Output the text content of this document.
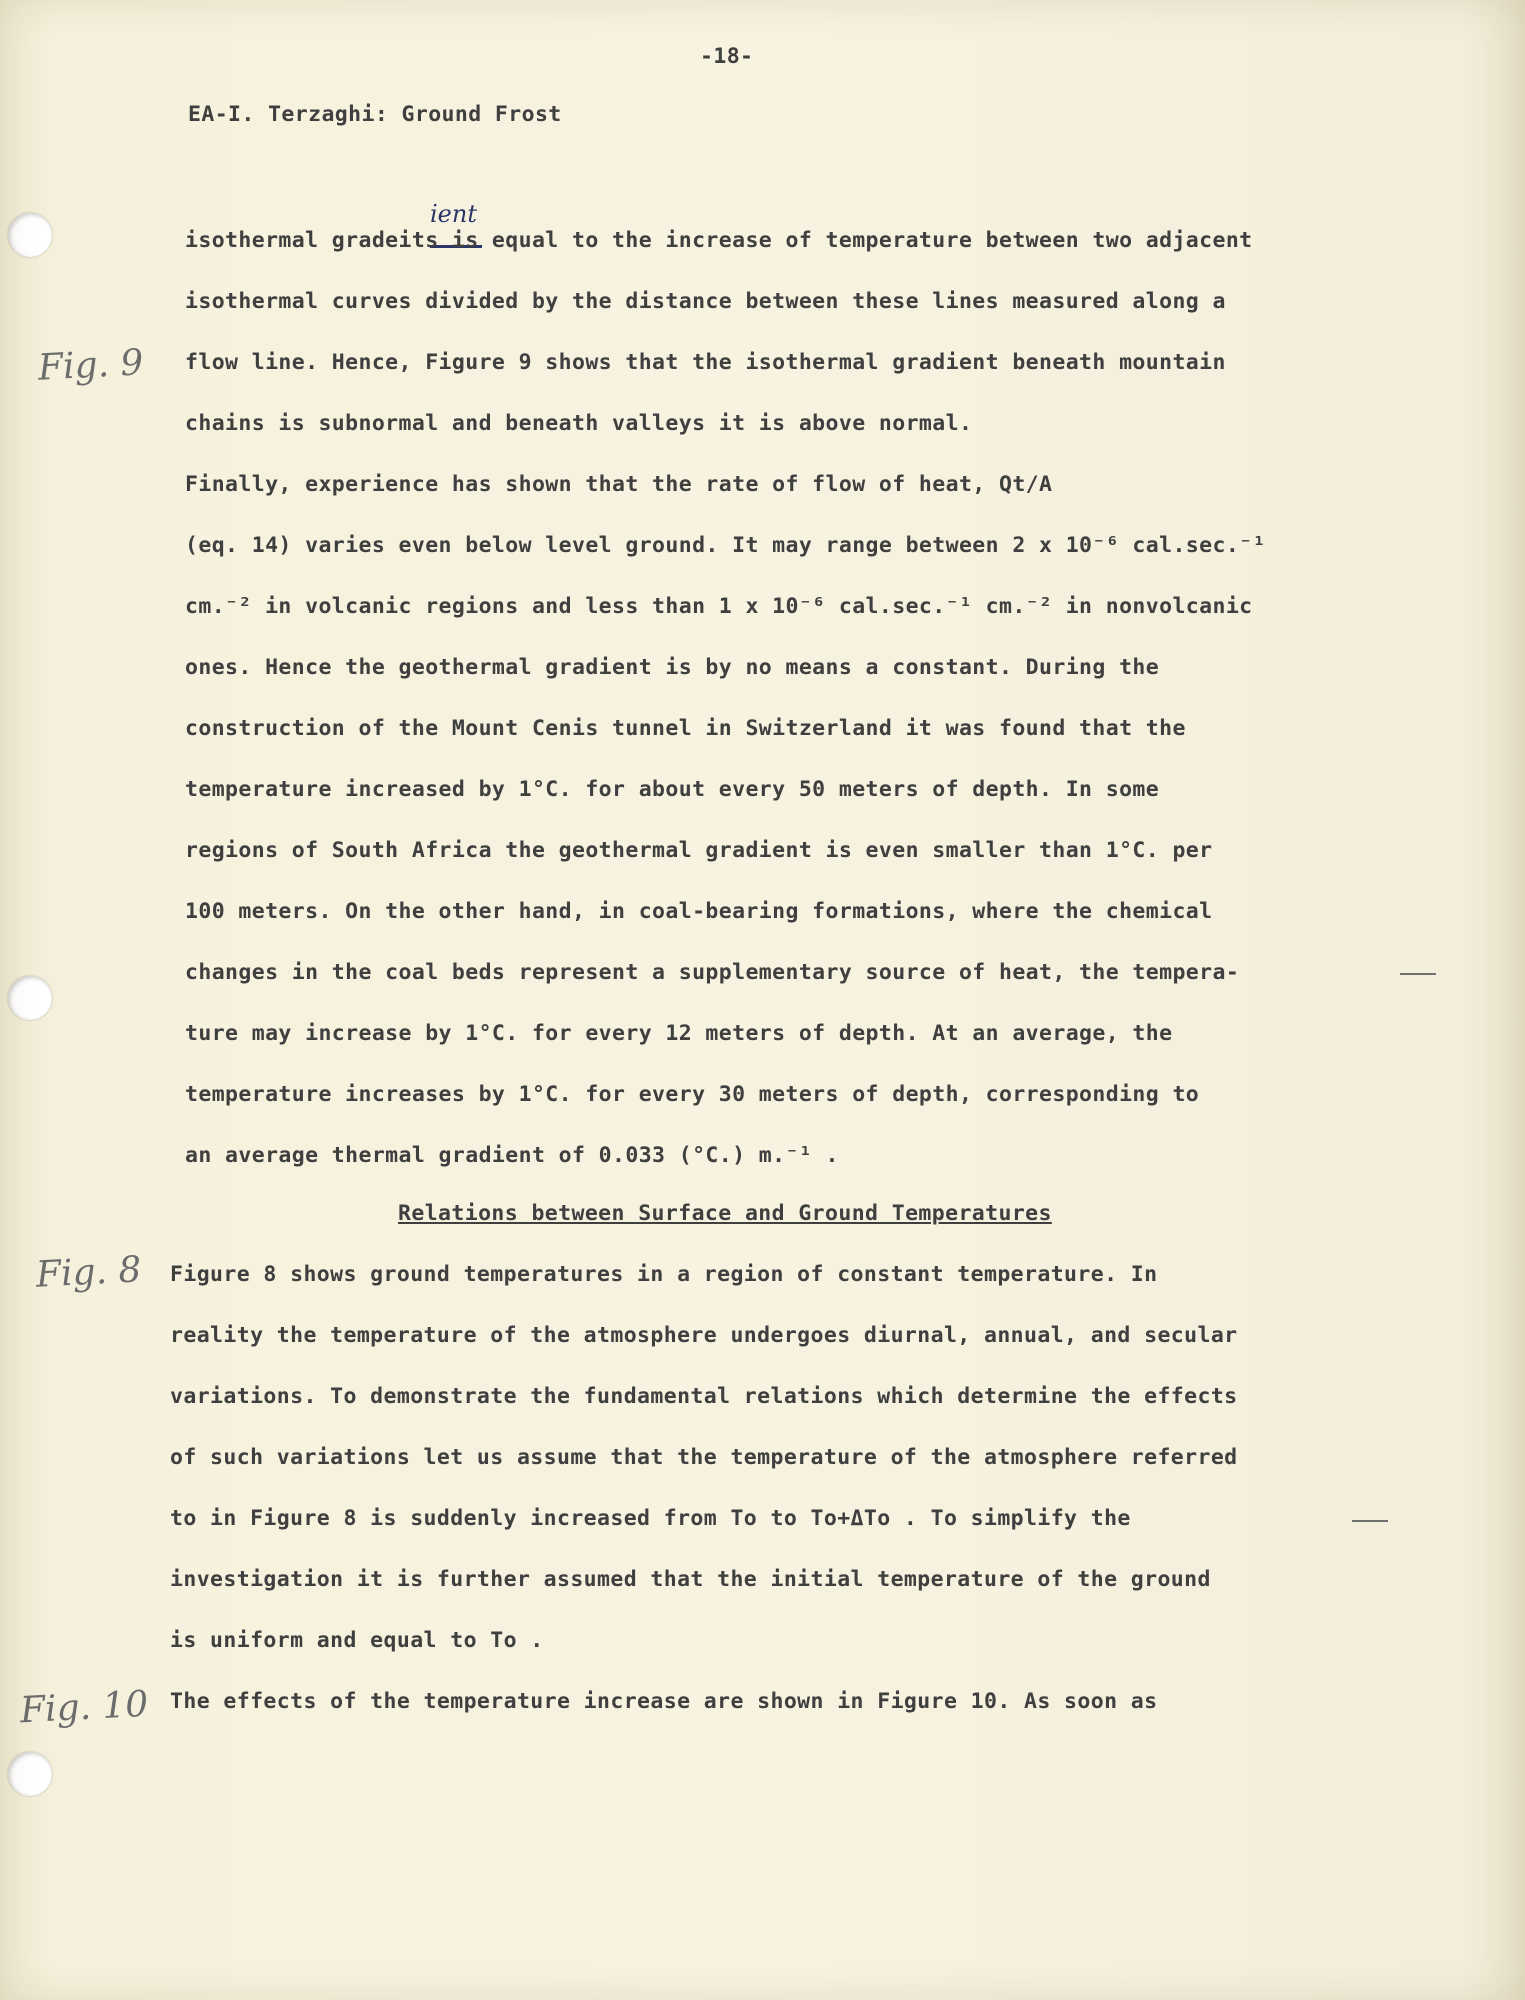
-18-
EA-I. Terzaghi: Ground Frost
ient
isothermal gradeits is equal to the increase of temperature between two adjacent
isothermal curves divided by the distance between these lines measured along a
flow line. Hence, Figure 9 shows that the isothermal gradient beneath mountain
chains is subnormal and beneath valleys it is above normal.
Finally, experience has shown that the rate of flow of heat, Qt/A
(eq. 14) varies even below level ground. It may range between 2 x 10⁻⁶ cal.sec.⁻¹
cm.⁻² in volcanic regions and less than 1 x 10⁻⁶ cal.sec.⁻¹ cm.⁻² in nonvolcanic
ones. Hence the geothermal gradient is by no means a constant. During the
construction of the Mount Cenis tunnel in Switzerland it was found that the
temperature increased by 1°C. for about every 50 meters of depth. In some
regions of South Africa the geothermal gradient is even smaller than 1°C. per
100 meters. On the other hand, in coal-bearing formations, where the chemical
changes in the coal beds represent a supplementary source of heat, the tempera-
ture may increase by 1°C. for every 12 meters of depth. At an average, the
temperature increases by 1°C. for every 30 meters of depth, corresponding to
an average thermal gradient of 0.033 (°C.) m.⁻¹ .
Relations between Surface and Ground Temperatures
Figure 8 shows ground temperatures in a region of constant temperature. In
reality the temperature of the atmosphere undergoes diurnal, annual, and secular
variations. To demonstrate the fundamental relations which determine the effects
of such variations let us assume that the temperature of the atmosphere referred
to in Figure 8 is suddenly increased from To to To+ΔTo . To simplify the
investigation it is further assumed that the initial temperature of the ground
is uniform and equal to To .
The effects of the temperature increase are shown in Figure 10. As soon as
Fig. 9
Fig. 8
Fig. 10
